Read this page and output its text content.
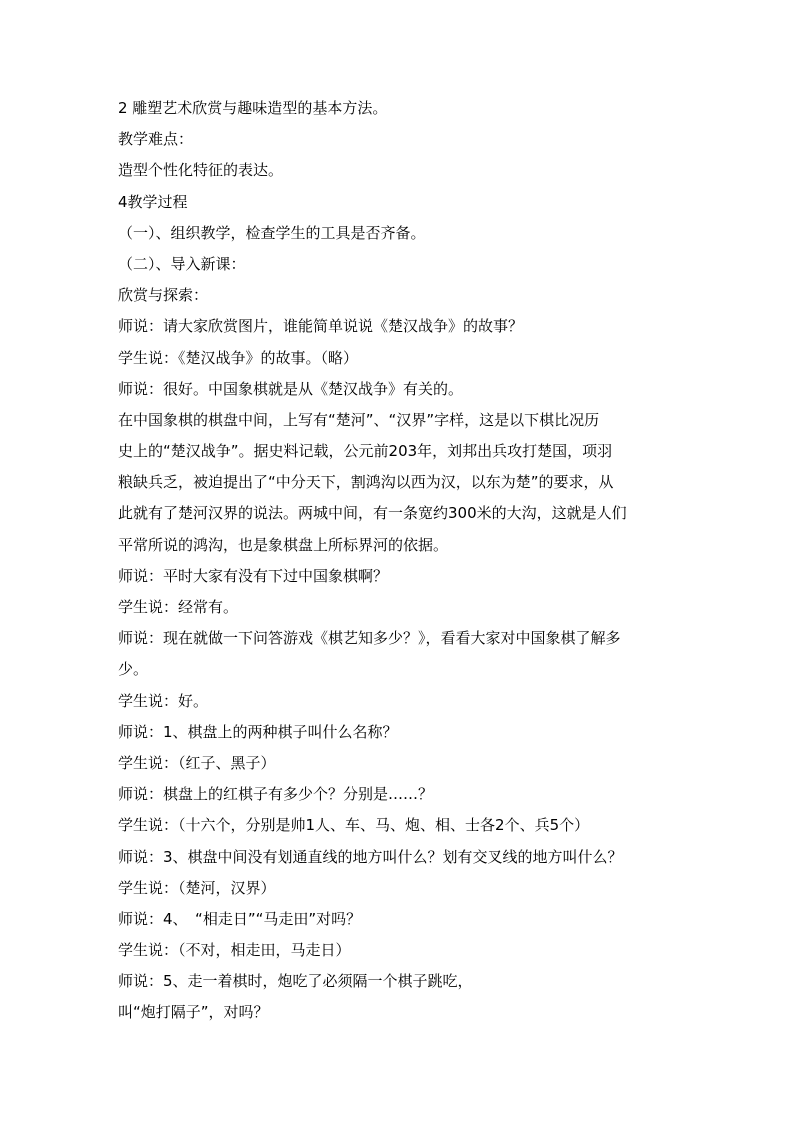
2 雕塑艺术欣赏与趣味造型的基本方法。

教学难点：

造型个性化特征的表达。

4教学过程

（一）、组织教学，检查学生的工具是否齐备。

（二）、导入新课：

欣赏与探索：

师说：请大家欣赏图片，谁能简单说说《楚汉战争》的故事？

学生说：《楚汉战争》的故事。（略）

师说：很好。中国象棋就是从《楚汉战争》有关的。

在中国象棋的棋盘中间，上写有“楚河”、“汉界”字样，这是以下棋比况历

史上的“楚汉战争”。据史料记载，公元前203年，刘邦出兵攻打楚国，项羽

粮缺兵乏，被迫提出了“中分天下，割鸿沟以西为汉，以东为楚”的要求，从

此就有了楚河汉界的说法。两城中间，有一条宽约300米的大沟，这就是人们

平常所说的鸿沟，也是象棋盘上所标界河的依据。

师说：平时大家有没有下过中国象棋啊？

学生说：经常有。

师说：现在就做一下问答游戏《棋艺知多少？》，看看大家对中国象棋了解多

少。

学生说：好。

师说：1、棋盘上的两种棋子叫什么名称？

学生说：（红子、黑子）

师说：棋盘上的红棋子有多少个？分别是……？

学生说：（十六个，分别是帅1人、车、马、炮、相、士各2个、兵5个）

师说：3、棋盘中间没有划通直线的地方叫什么？划有交叉线的地方叫什么？

学生说：（楚河，汉界）

师说：4、　“相走日”“马走田”对吗？

学生说：（不对，相走田，马走日）

师说：5、走一着棋时，炮吃了必须隔一个棋子跳吃，

叫“炮打隔子”，对吗？
